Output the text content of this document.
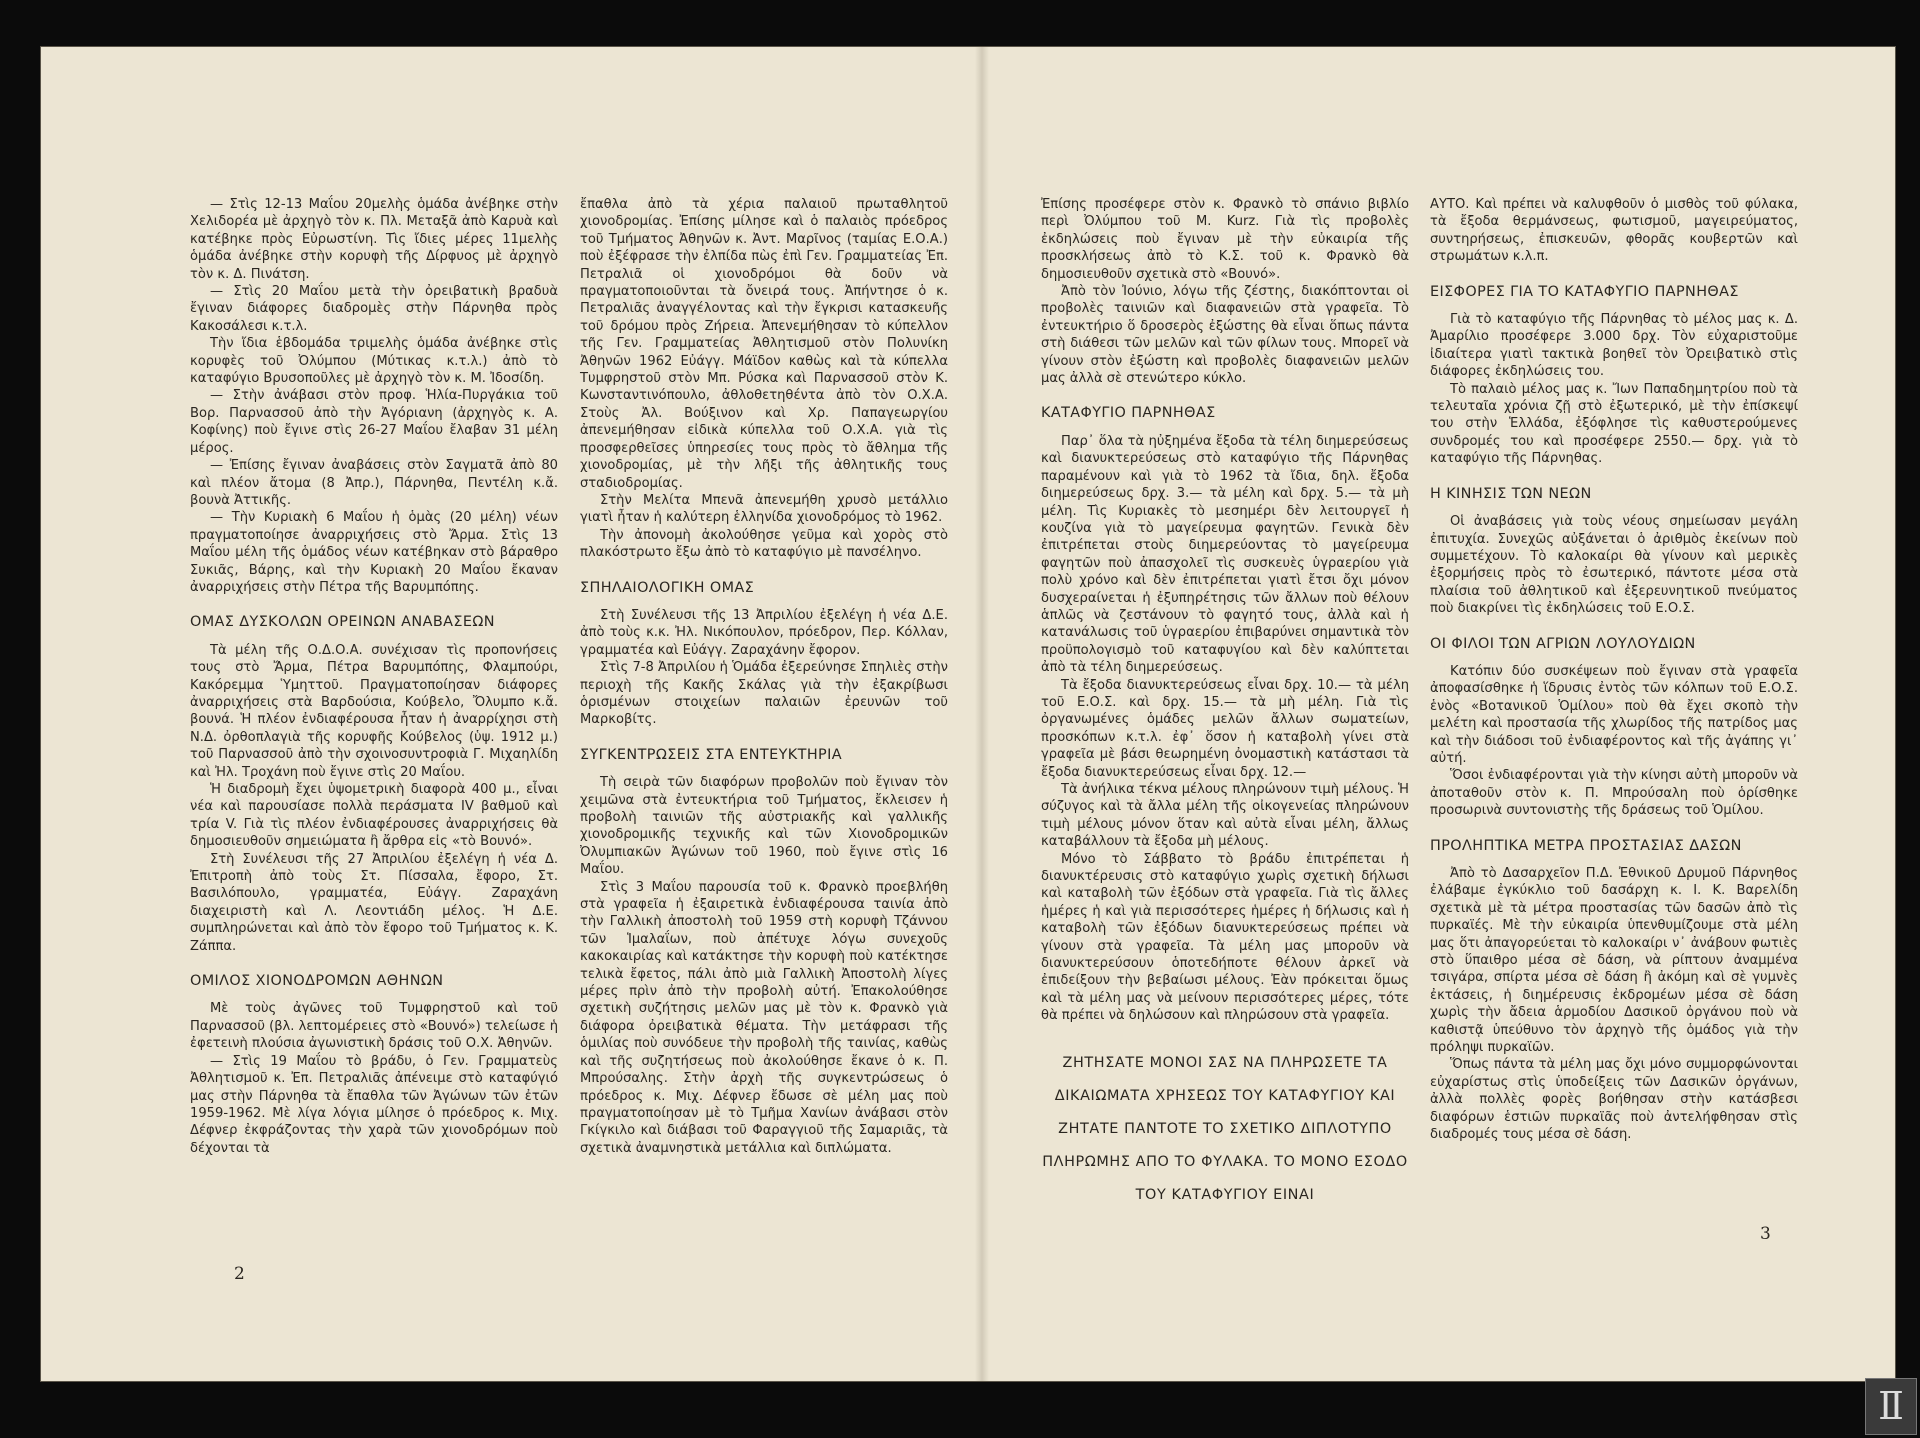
— Στὶς 12-13 Μαΐου 20μελὴς ὁμάδα ἀνέβηκε στὴν Χελιδορέα μὲ ἀρχηγὸ τὸν κ. Πλ. Μεταξᾶ ἀπὸ Καρυὰ καὶ κατέβηκε πρὸς Εὐρωστίνη. Τὶς ἴδιες μέρες 11μελὴς ὁμάδα ἀνέβηκε στὴν κορυφὴ τῆς Δίρφυος μὲ ἀρχηγὸ τὸν κ. Δ. Πινάτση.

— Στὶς 20 Μαΐου μετὰ τὴν ὀρειβατικὴ βραδυὰ ἔγιναν διάφορες διαδρομὲς στὴν Πάρνηθα πρὸς Κακοσάλεσι κ.τ.λ.

Τὴν ἴδια ἑβδομάδα τριμελὴς ὁμάδα ἀνέβηκε στὶς κορυφὲς τοῦ Ὀλύμπου (Μύτικας κ.τ.λ.) ἀπὸ τὸ καταφύγιο Βρυσοποῦλες μὲ ἀρχηγὸ τὸν κ. Μ. Ἰδοσίδη.

— Στὴν ἀνάβασι στὸν προφ. Ἡλία-Πυργάκια τοῦ Βορ. Παρνασσοῦ ἀπὸ τὴν Ἀγόριανη (ἀρχηγὸς κ. Α. Κοφίνης) ποὺ ἔγινε στὶς 26-27 Μαΐου ἔλαβαν 31 μέλη μέρος.

— Ἐπίσης ἔγιναν ἀναβάσεις στὸν Σαγματᾶ ἀπὸ 80 καὶ πλέον ἄτομα (8 Ἀπρ.), Πάρνηθα, Πεντέλη κ.ἄ. βουνὰ Ἀττικῆς.

— Τὴν Κυριακὴ 6 Μαΐου ἡ ὁμὰς (20 μέλη) νέων πραγματοποίησε ἀναρριχήσεις στὸ Ἄρμα. Στὶς 13 Μαΐου μέλη τῆς ὁμάδος νέων κατέβηκαν στὸ βάραθρο Συκιᾶς, Βάρης, καὶ τὴν Κυριακὴ 20 Μαΐου ἔκαναν ἀναρριχήσεις στὴν Πέτρα τῆς Βαρυμπόπης.

ΟΜΑΣ ΔΥΣΚΟΛΩΝ ΟΡΕΙΝΩΝ ΑΝΑΒΑΣΕΩΝ

Τὰ μέλη τῆς Ο.Δ.Ο.Α. συνέχισαν τὶς προπονήσεις τους στὸ Ἄρμα, Πέτρα Βαρυμπόπης, Φλαμπούρι, Κακόρεμμα Ὑμηττοῦ. Πραγματοποίησαν διάφορες ἀναρριχήσεις στὰ Βαρδούσια, Κούβελο, Ὄλυμπο κ.ἄ. βουνά. Ἡ πλέον ἐνδιαφέρουσα ἦταν ἡ ἀναρρίχησι στὴ Ν.Δ. ὀρθοπλαγιὰ τῆς κορυφῆς Κούβελος (ὑψ. 1912 μ.) τοῦ Παρνασσοῦ ἀπὸ τὴν σχοινοσυντροφιὰ Γ. Μιχαηλίδη καὶ Ἠλ. Τροχάνη ποὺ ἔγινε στὶς 20 Μαΐου.

Ἡ διαδρομὴ ἔχει ὑψομετρικὴ διαφορὰ 400 μ., εἶναι νέα καὶ παρουσίασε πολλὰ περάσματα IV βαθμοῦ καὶ τρία V. Γιὰ τὶς πλέον ἐνδιαφέρουσες ἀναρριχήσεις θὰ δημοσιευθοῦν σημειώματα ἢ ἄρθρα εἰς «τὸ Βουνό».

Στὴ Συνέλευσι τῆς 27 Ἀπριλίου ἐξελέγη ἡ νέα Δ. Ἐπιτροπὴ ἀπὸ τοὺς Στ. Πίσσαλα, ἔφορο, Στ. Βασιλόπουλο, γραμματέα, Εὐάγγ. Ζαραχάνη διαχειριστὴ καὶ Λ. Λεοντιάδη μέλος. Ἡ Δ.Ε. συμπληρώνεται καὶ ἀπὸ τὸν ἔφορο τοῦ Τμήματος κ. Κ. Ζάππα.

ΟΜΙΛΟΣ ΧΙΟΝΟΔΡΟΜΩΝ ΑΘΗΝΩΝ

Μὲ τοὺς ἀγῶνες τοῦ Τυμφρηστοῦ καὶ τοῦ Παρνασσοῦ (βλ. λεπτομέρειες στὸ «Βουνό») τελείωσε ἡ ἐφετεινὴ πλούσια ἀγωνιστικὴ δράσις τοῦ Ο.Χ. Ἀθηνῶν.

— Στὶς 19 Μαΐου τὸ βράδυ, ὁ Γεν. Γραμματεὺς Ἀθλητισμοῦ κ. Ἐπ. Πετραλιᾶς ἀπένειμε στὸ καταφύγιό μας στὴν Πάρνηθα τὰ ἔπαθλα τῶν Ἀγώνων τῶν ἐτῶν 1959-1962. Μὲ λίγα λόγια μίλησε ὁ πρόεδρος κ. Μιχ. Δέφνερ ἐκφράζοντας τὴν χαρὰ τῶν χιονοδρόμων ποὺ δέχονται τὰ

ἔπαθλα ἀπὸ τὰ χέρια παλαιοῦ πρωταθλητοῦ χιονοδρομίας. Ἐπίσης μίλησε καὶ ὁ παλαιὸς πρόεδρος τοῦ Τμήματος Ἀθηνῶν κ. Ἀντ. Μαρῖνος (ταμίας Ε.Ο.Α.) ποὺ ἐξέφρασε τὴν ἐλπίδα πὼς ἐπὶ Γεν. Γραμματείας Ἐπ. Πετραλιᾶ οἱ χιονοδρόμοι θὰ δοῦν νὰ πραγματοποιοῦνται τὰ ὄνειρά τους. Ἀπήντησε ὁ κ. Πετραλιᾶς ἀναγγέλοντας καὶ τὴν ἔγκρισι κατασκευῆς τοῦ δρόμου πρὸς Ζήρεια. Ἀπενεμήθησαν τὸ κύπελλον τῆς Γεν. Γραμματείας Ἀθλητισμοῦ στὸν Πολυνίκη Ἀθηνῶν 1962 Εὐάγγ. Μάϊδον καθὼς καὶ τὰ κύπελλα Τυμφρηστοῦ στὸν Μπ. Ρύσκα καὶ Παρνασσοῦ στὸν Κ. Κωνσταντινόπουλο, ἀθλοθετηθέντα ἀπὸ τὸν Ο.Χ.Α. Στοὺς Ἀλ. Βούξινον καὶ Χρ. Παπαγεωργίου ἀπενεμήθησαν εἰδικὰ κύπελλα τοῦ Ο.Χ.Α. γιὰ τὶς προσφερθεῖσες ὑπηρεσίες τους πρὸς τὸ ἄθλημα τῆς χιονοδρομίας, μὲ τὴν λῆξι τῆς ἀθλητικῆς τους σταδιοδρομίας.

Στὴν Μελίτα Μπενᾶ ἀπενεμήθη χρυσὸ μετάλλιο γιατὶ ἦταν ἡ καλύτερη ἑλληνίδα χιονοδρόμος τὸ 1962.

Τὴν ἀπονομὴ ἀκολούθησε γεῦμα καὶ χορὸς στὸ πλακόστρωτο ἔξω ἀπὸ τὸ καταφύγιο μὲ πανσέληνο.

ΣΠΗΛΑΙΟΛΟΓΙΚΗ ΟΜΑΣ

Στὴ Συνέλευσι τῆς 13 Ἀπριλίου ἐξελέγη ἡ νέα Δ.Ε. ἀπὸ τοὺς κ.κ. Ἠλ. Νικόπουλον, πρόεδρον, Περ. Κόλλαν, γραμματέα καὶ Εὐάγγ. Ζαραχάνην ἔφορον.

Στὶς 7-8 Ἀπριλίου ἡ Ὁμάδα ἐξερεύνησε Σπηλιὲς στὴν περιοχὴ τῆς Κακῆς Σκάλας γιὰ τὴν ἐξακρίβωσι ὁρισμένων στοιχείων παλαιῶν ἐρευνῶν τοῦ Μαρκοβίτς.

ΣΥΓΚΕΝΤΡΩΣΕΙΣ ΣΤΑ ΕΝΤΕΥΚΤΗΡΙΑ

Τὴ σειρὰ τῶν διαφόρων προβολῶν ποὺ ἔγιναν τὸν χειμῶνα στὰ ἐντευκτήρια τοῦ Τμήματος, ἔκλεισεν ἡ προβολὴ ταινιῶν τῆς αὐστριακῆς καὶ γαλλικῆς χιονοδρομικῆς τεχνικῆς καὶ τῶν Χιονοδρομικῶν Ὀλυμπιακῶν Ἀγώνων τοῦ 1960, ποὺ ἔγινε στὶς 16 Μαΐου.

Στὶς 3 Μαΐου παρουσία τοῦ κ. Φρανκὸ προεβλήθη στὰ γραφεῖα ἡ ἐξαιρετικὰ ἐνδιαφέρουσα ταινία ἀπὸ τὴν Γαλλικὴ ἀποστολὴ τοῦ 1959 στὴ κορυφὴ Τζάννου τῶν Ἱμαλαΐων, ποὺ ἀπέτυχε λόγω συνεχοῦς κακοκαιρίας καὶ κατάκτησε τὴν κορυφὴ ποὺ κατέκτησε τελικὰ ἔφετος, πάλι ἀπὸ μιὰ Γαλλικὴ Ἀποστολὴ λίγες μέρες πρὶν ἀπὸ τὴν προβολὴ αὐτή. Ἐπακολούθησε σχετικὴ συζήτησις μελῶν μας μὲ τὸν κ. Φρανκὸ γιὰ διάφορα ὀρειβατικὰ θέματα. Τὴν μετάφρασι τῆς ὁμιλίας ποὺ συνόδευε τὴν προβολὴ τῆς ταινίας, καθὼς καὶ τῆς συζητήσεως ποὺ ἀκολούθησε ἔκανε ὁ κ. Π. Μπρούσαλης. Στὴν ἀρχὴ τῆς συγκεντρώσεως ὁ πρόεδρος κ. Μιχ. Δέφνερ ἔδωσε σὲ μέλη μας ποὺ πραγματοποίησαν μὲ τὸ Τμῆμα Χανίων ἀνάβασι στὸν Γκίγκιλο καὶ διάβασι τοῦ Φαραγγιοῦ τῆς Σαμαριᾶς, τὰ σχετικὰ ἀναμνηστικὰ μετάλλια καὶ διπλώματα.

Ἐπίσης προσέφερε στὸν κ. Φρανκὸ τὸ σπάνιο βιβλίο περὶ Ὀλύμπου τοῦ Μ. Kurz. Γιὰ τὶς προβολὲς ἐκδηλώσεις ποὺ ἔγιναν μὲ τὴν εὐκαιρία τῆς προσκλήσεως ἀπὸ τὸ Κ.Σ. τοῦ κ. Φρανκὸ θὰ δημοσιευθοῦν σχετικὰ στὸ «Βουνό».

Ἀπὸ τὸν Ἰούνιο, λόγω τῆς ζέστης, διακόπτονται οἱ προβολὲς ταινιῶν καὶ διαφανειῶν στὰ γραφεῖα. Τὸ ἐντευκτήριο ὅ δροσερὸς ἐξώστης θὰ εἶναι ὅπως πάντα στὴ διάθεσι τῶν μελῶν καὶ τῶν φίλων τους. Μπορεῖ νὰ γίνουν στὸν ἐξώστη καὶ προβολὲς διαφανειῶν μελῶν μας ἀλλὰ σὲ στενώτερο κύκλο.

ΚΑΤΑΦΥΓΙΟ ΠΑΡΝΗΘΑΣ

Παρ᾽ ὅλα τὰ ηὐξημένα ἔξοδα τὰ τέλη διημερεύσεως καὶ διανυκτερεύσεως στὸ καταφύγιο τῆς Πάρνηθας παραμένουν καὶ γιὰ τὸ 1962 τὰ ἴδια, δηλ. ἔξοδα διημερεύσεως δρχ. 3.— τὰ μέλη καὶ δρχ. 5.— τὰ μὴ μέλη. Τὶς Κυριακὲς τὸ μεσημέρι δὲν λειτουργεῖ ἡ κουζίνα γιὰ τὸ μαγείρευμα φαγητῶν. Γενικὰ δὲν ἐπιτρέπεται στοὺς διημερεύοντας τὸ μαγείρευμα φαγητῶν ποὺ ἀπασχολεῖ τὶς συσκευὲς ὑγραερίου γιὰ πολὺ χρόνο καὶ δὲν ἐπιτρέπεται γιατὶ ἔτσι ὄχι μόνον δυσχεραίνεται ἡ ἐξυπηρέτησις τῶν ἄλλων ποὺ θέλουν ἁπλῶς νὰ ζεστάνουν τὸ φαγητό τους, ἀλλὰ καὶ ἡ κατανάλωσις τοῦ ὑγραερίου ἐπιβαρύνει σημαντικὰ τὸν προϋπολογισμὸ τοῦ καταφυγίου καὶ δὲν καλύπτεται ἀπὸ τὰ τέλη διημερεύσεως.

Τὰ ἔξοδα διανυκτερεύσεως εἶναι δρχ. 10.— τὰ μέλη τοῦ Ε.Ο.Σ. καὶ δρχ. 15.— τὰ μὴ μέλη. Γιὰ τὶς ὀργανωμένες ὁμάδες μελῶν ἄλλων σωματείων, προσκόπων κ.τ.λ. ἐφ᾽ ὅσον ἡ καταβολὴ γίνει στὰ γραφεῖα μὲ βάσι θεωρημένη ὀνομαστικὴ κατάστασι τὰ ἔξοδα διανυκτερεύσεως εἶναι δρχ. 12.—

Τὰ ἀνήλικα τέκνα μέλους πληρώνουν τιμὴ μέλους. Ἡ σύζυγος καὶ τὰ ἄλλα μέλη τῆς οἰκογενείας πληρώνουν τιμὴ μέλους μόνον ὅταν καὶ αὐτὰ εἶναι μέλη, ἄλλως καταβάλλουν τὰ ἔξοδα μὴ μέλους.

Μόνο τὸ Σάββατο τὸ βράδυ ἐπιτρέπεται ἡ διανυκτέρευσις στὸ καταφύγιο χωρὶς σχετικὴ δήλωσι καὶ καταβολὴ τῶν ἐξόδων στὰ γραφεῖα. Γιὰ τὶς ἄλλες ἡμέρες ἡ καὶ γιὰ περισσότερες ἡμέρες ἡ δήλωσις καὶ ἡ καταβολὴ τῶν ἐξόδων διανυκτερεύσεως πρέπει νὰ γίνουν στὰ γραφεῖα. Τὰ μέλη μας μποροῦν νὰ διανυκτερεύσουν ὁποτεδήποτε θέλουν ἀρκεῖ νὰ ἐπιδείξουν τὴν βεβαίωσι μέλους. Ἐὰν πρόκειται ὅμως καὶ τὰ μέλη μας νὰ μείνουν περισσότερες μέρες, τότε θὰ πρέπει νὰ δηλώσουν καὶ πληρώσουν στὰ γραφεῖα.

ΖΗΤΗΣΑΤΕ ΜΟΝΟΙ ΣΑΣ ΝΑ ΠΛΗΡΩΣΕΤΕ ΤΑ ΔΙΚΑΙΩΜΑΤΑ ΧΡΗΣΕΩΣ ΤΟΥ ΚΑΤΑΦΥΓΙΟΥ ΚΑΙ ΖΗΤΑΤΕ ΠΑΝΤΟΤΕ ΤΟ ΣΧΕΤΙΚΟ ΔΙΠΛΟΤΥΠΟ ΠΛΗΡΩΜΗΣ ΑΠΟ ΤΟ ΦΥΛΑΚΑ. ΤΟ ΜΟΝΟ ΕΣΟΔΟ ΤΟΥ ΚΑΤΑΦΥΓΙΟΥ ΕΙΝΑΙ

ΑΥΤΟ. Καὶ πρέπει νὰ καλυφθοῦν ὁ μισθὸς τοῦ φύλακα, τὰ ἔξοδα θερμάνσεως, φωτισμοῦ, μαγειρεύματος, συντηρήσεως, ἐπισκευῶν, φθορᾶς κουβερτῶν καὶ στρωμάτων κ.λ.π.

ΕΙΣΦΟΡΕΣ ΓΙΑ ΤΟ ΚΑΤΑΦΥΓΙΟ ΠΑΡΝΗΘΑΣ

Γιὰ τὸ καταφύγιο τῆς Πάρνηθας τὸ μέλος μας κ. Δ. Ἀμαρίλιο προσέφερε 3.000 δρχ. Τὸν εὐχαριστοῦμε ἰδιαίτερα γιατὶ τακτικὰ βοηθεῖ τὸν Ὀρειβατικὸ στὶς διάφορες ἐκδηλώσεις του.

Τὸ παλαιὸ μέλος μας κ. Ἴων Παπαδημητρίου ποὺ τὰ τελευταῖα χρόνια ζῇ στὸ ἐξωτερικό, μὲ τὴν ἐπίσκεψί του στὴν Ἑλλάδα, ἐξόφλησε τὶς καθυστερούμενες συνδρομές του καὶ προσέφερε 2550.— δρχ. γιὰ τὸ καταφύγιο τῆς Πάρνηθας.

Η ΚΙΝΗΣΙΣ ΤΩΝ ΝΕΩΝ

Οἱ ἀναβάσεις γιὰ τοὺς νέους σημείωσαν μεγάλη ἐπιτυχία. Συνεχῶς αὐξάνεται ὁ ἀριθμὸς ἐκείνων ποὺ συμμετέχουν. Τὸ καλοκαίρι θὰ γίνουν καὶ μερικὲς ἐξορμήσεις πρὸς τὸ ἐσωτερικό, πάντοτε μέσα στὰ πλαίσια τοῦ ἀθλητικοῦ καὶ ἐξερευνητικοῦ πνεύματος ποὺ διακρίνει τὶς ἐκδηλώσεις τοῦ Ε.Ο.Σ.

ΟΙ ΦΙΛΟΙ ΤΩΝ ΑΓΡΙΩΝ ΛΟΥΛΟΥΔΙΩΝ

Κατόπιν δύο συσκέψεων ποὺ ἔγιναν στὰ γραφεῖα ἀποφασίσθηκε ἡ ἵδρυσις ἐντὸς τῶν κόλπων τοῦ Ε.Ο.Σ. ἑνὸς «Βοτανικοῦ Ὁμίλου» ποὺ θὰ ἔχει σκοπὸ τὴν μελέτη καὶ προστασία τῆς χλωρίδος τῆς πατρίδος μας καὶ τὴν διάδοσι τοῦ ἐνδιαφέροντος καὶ τῆς ἀγάπης γι᾽ αὐτή.

Ὅσοι ἐνδιαφέρονται γιὰ τὴν κίνησι αὐτὴ μποροῦν νὰ ἀποταθοῦν στὸν κ. Π. Μπρούσαλη ποὺ ὁρίσθηκε προσωρινὰ συντονιστὴς τῆς δράσεως τοῦ Ὁμίλου.

ΠΡΟΛΗΠΤΙΚΑ ΜΕΤΡΑ ΠΡΟΣΤΑΣΙΑΣ ΔΑΣΩΝ

Ἀπὸ τὸ Δασαρχεῖον Π.Δ. Ἐθνικοῦ Δρυμοῦ Πάρνηθος ἐλάβαμε ἐγκύκλιο τοῦ δασάρχη κ. Ι. Κ. Βαρελίδη σχετικὰ μὲ τὰ μέτρα προστασίας τῶν δασῶν ἀπὸ τὶς πυρκαϊές. Μὲ τὴν εὐκαιρία ὑπενθυμίζουμε στὰ μέλη μας ὅτι ἀπαγορεύεται τὸ καλοκαίρι ν᾽ ἀνάβουν φωτιὲς στὸ ὕπαιθρο μέσα σὲ δάση, νὰ ρίπτουν ἀναμμένα τσιγάρα, σπίρτα μέσα σὲ δάση ἢ ἀκόμη καὶ σὲ γυμνὲς ἐκτάσεις, ἡ διημέρευσις ἐκδρομέων μέσα σὲ δάση χωρὶς τὴν ἄδεια ἁρμοδίου Δασικοῦ ὀργάνου ποὺ νὰ καθιστᾷ ὑπεύθυνο τὸν ἀρχηγὸ τῆς ὁμάδος γιὰ τὴν πρόληψι πυρκαϊῶν.

Ὅπως πάντα τὰ μέλη μας ὄχι μόνο συμμορφώνονται εὐχαρίστως στὶς ὑποδείξεις τῶν Δασικῶν ὀργάνων, ἀλλὰ πολλὲς φορὲς βοήθησαν στὴν κατάσβεσι διαφόρων ἑστιῶν πυρκαϊᾶς ποὺ ἀντελήφθησαν στὶς διαδρομές τους μέσα σὲ δάση.

2
3
Ⅱ
